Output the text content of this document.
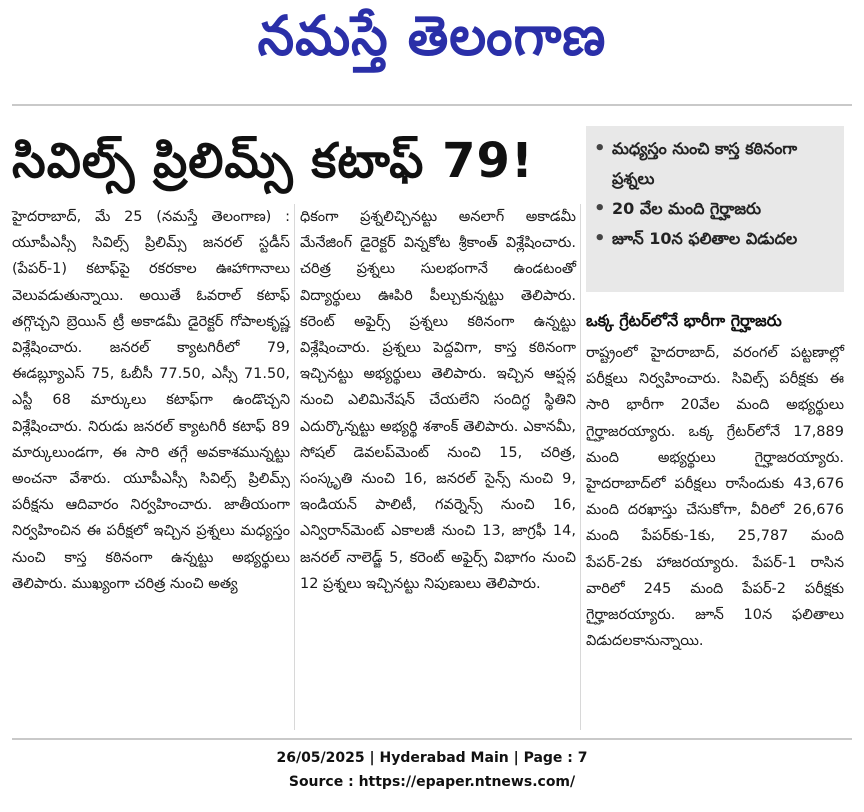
నమస్తే తెలంగాణ
సివిల్స్ ప్రిలిమ్స్ కటాఫ్ 79!	• మధ్యస్తం నుంచి కాస్త కఠినంగా ప్రశ్నలు
• 20 వేల మంది గైర్హాజరు
• జూన్ 10న ఫలితాల విడుదల
హైదరాబాద్, మే 25 (నమస్తే తెలంగాణ) : యూపీఎస్సీ సివిల్స్ ప్రిలిమ్స్ జనరల్ స్టడీస్ (పేపర్-1) కటాఫ్‌పై రకరకాల ఊహాగానాలు వెలువడుతున్నాయి. అయితే ఓవరాల్ కటాఫ్ తగ్గొచ్చని బ్రెయిన్ ట్రీ అకాడమీ డైరెక్టర్ గోపాలకృష్ణ విశ్లేషించారు. జనరల్ క్యాటగిరీలో 79, ఈడబ్ల్యూఎస్ 75, ఓబీసీ 77.50, ఎస్సీ 71.50, ఎస్టీ 68 మార్కులు కటాఫ్‌గా ఉండొచ్చని విశ్లేషించారు. నిరుడు జనరల్ క్యాటగిరీ కటాఫ్ 89 మార్కులుండగా, ఈ సారి తగ్గే అవకాశమున్నట్టు అంచనా వేశారు. యూపీఎస్సీ సివిల్స్ ప్రిలిమ్స్ పరీక్షను ఆదివారం నిర్వహించారు. జాతీయంగా నిర్వహించిన ఈ పరీక్షలో ఇచ్చిన ప్రశ్నలు మధ్యస్తం నుంచి కాస్త కఠినంగా ఉన్నట్టు అభ్యర్థులు తెలిపారు. ముఖ్యంగా చరిత్ర నుంచి అత్య
ధికంగా ప్రశ్నలిచ్చినట్టు అనలాగ్ అకాడమీ మేనేజింగ్ డైరెక్టర్ విన్నకోట శ్రీకాంత్ విశ్లేషించారు. చరిత్ర ప్రశ్నలు సులభంగానే ఉండటంతో విద్యార్థులు ఊపిరి పీల్చుకున్నట్టు తెలిపారు. కరెంట్ అఫైర్స్ ప్రశ్నలు కఠినంగా ఉన్నట్టు విశ్లేషించారు. ప్రశ్నలు పెద్దవిగా, కాస్త కఠినంగా ఇచ్చినట్టు అభ్యర్థులు తెలిపారు. ఇచ్చిన ఆప్షన్ల నుంచి ఎలిమినేషన్ చేయలేని సందిగ్ధ స్థితిని ఎదుర్కొన్నట్టు అభ్యర్థి శశాంక్ తెలిపారు. ఎకానమీ, సోషల్ డెవలప్‌మెంట్ నుంచి 15, చరిత్ర, సంస్కృతి నుంచి 16, జనరల్ సైన్స్ నుంచి 9, ఇండియన్ పాలిటీ, గవర్నెన్స్ నుంచి 16, ఎన్విరాన్‌మెంట్ ఎకాలజీ నుంచి 13, జాగ్రఫీ 14, జనరల్ నాలెడ్జ్ 5, కరెంట్ అఫైర్స్ విభాగం నుంచి 12 ప్రశ్నలు ఇచ్చినట్టు నిపుణులు తెలిపారు.
ఒక్క గ్రేటర్‌లోనే భారీగా గైర్హాజరు
రాష్ట్రంలో హైదరాబాద్, వరంగల్ పట్టణాల్లో పరీక్షలు నిర్వహించారు. సివిల్స్ పరీక్షకు ఈ సారి భారీగా 20వేల మంది అభ్యర్థులు గైర్హాజరయ్యారు. ఒక్క గ్రేటర్‌లోనే 17,889 మంది అభ్యర్థులు గైర్హాజరయ్యారు. హైదరాబాద్‌లో పరీక్షలు రాసేందుకు 43,676 మంది దరఖాస్తు చేసుకోగా, వీరిలో 26,676 మంది పేపర్‌కు-1కు, 25,787 మంది పేపర్-2కు హాజరయ్యారు. పేపర్-1 రాసిన వారిలో 245 మంది పేపర్-2 పరీక్షకు గైర్హాజరయ్యారు. జూన్ 10న ఫలితాలు విడుదలకానున్నాయి.
26/05/2025 | Hyderabad Main | Page : 7
Source : https://epaper.ntnews.com/
